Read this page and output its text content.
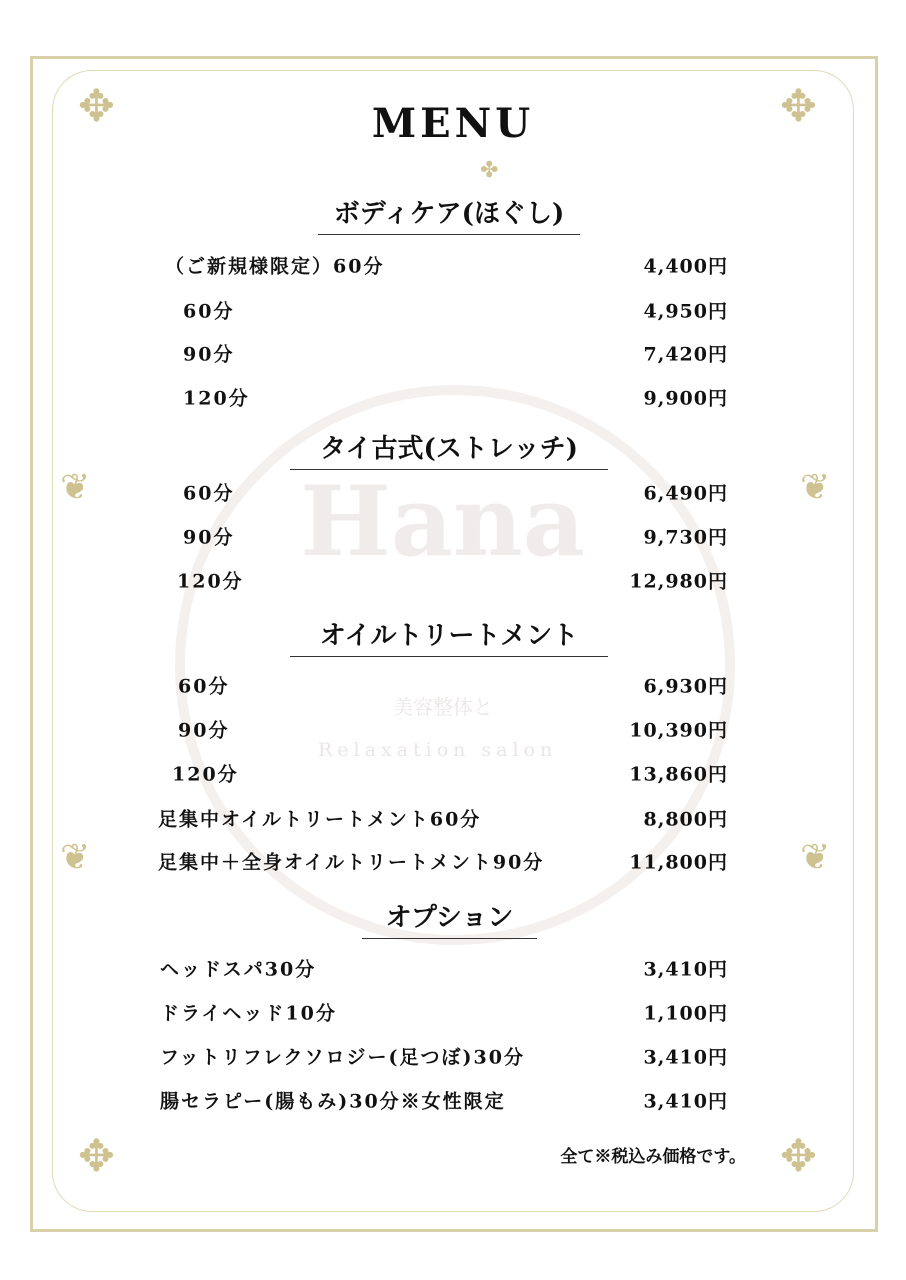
✥	✥
✥	✥
❦	❦
❦	❦
✤
Hana
美容整体と
Relaxation salon
MENU
ボディケア(ほぐし)
（ご新規様限定）60分	4,400円
60分	4,950円
90分	7,420円
120分	9,900円
タイ古式(ストレッチ)
60分	6,490円
90分	9,730円
120分	12,980円
オイルトリートメント
60分	6,930円
90分	10,390円
120分	13,860円
足集中オイルトリートメント60分	8,800円
足集中＋全身オイルトリートメント90分	11,800円
オプション
ヘッドスパ30分	3,410円
ドライヘッド10分	1,100円
フットリフレクソロジー(足つぼ)30分	3,410円
腸セラピー(腸もみ)30分※女性限定	3,410円
全て※税込み価格です。
